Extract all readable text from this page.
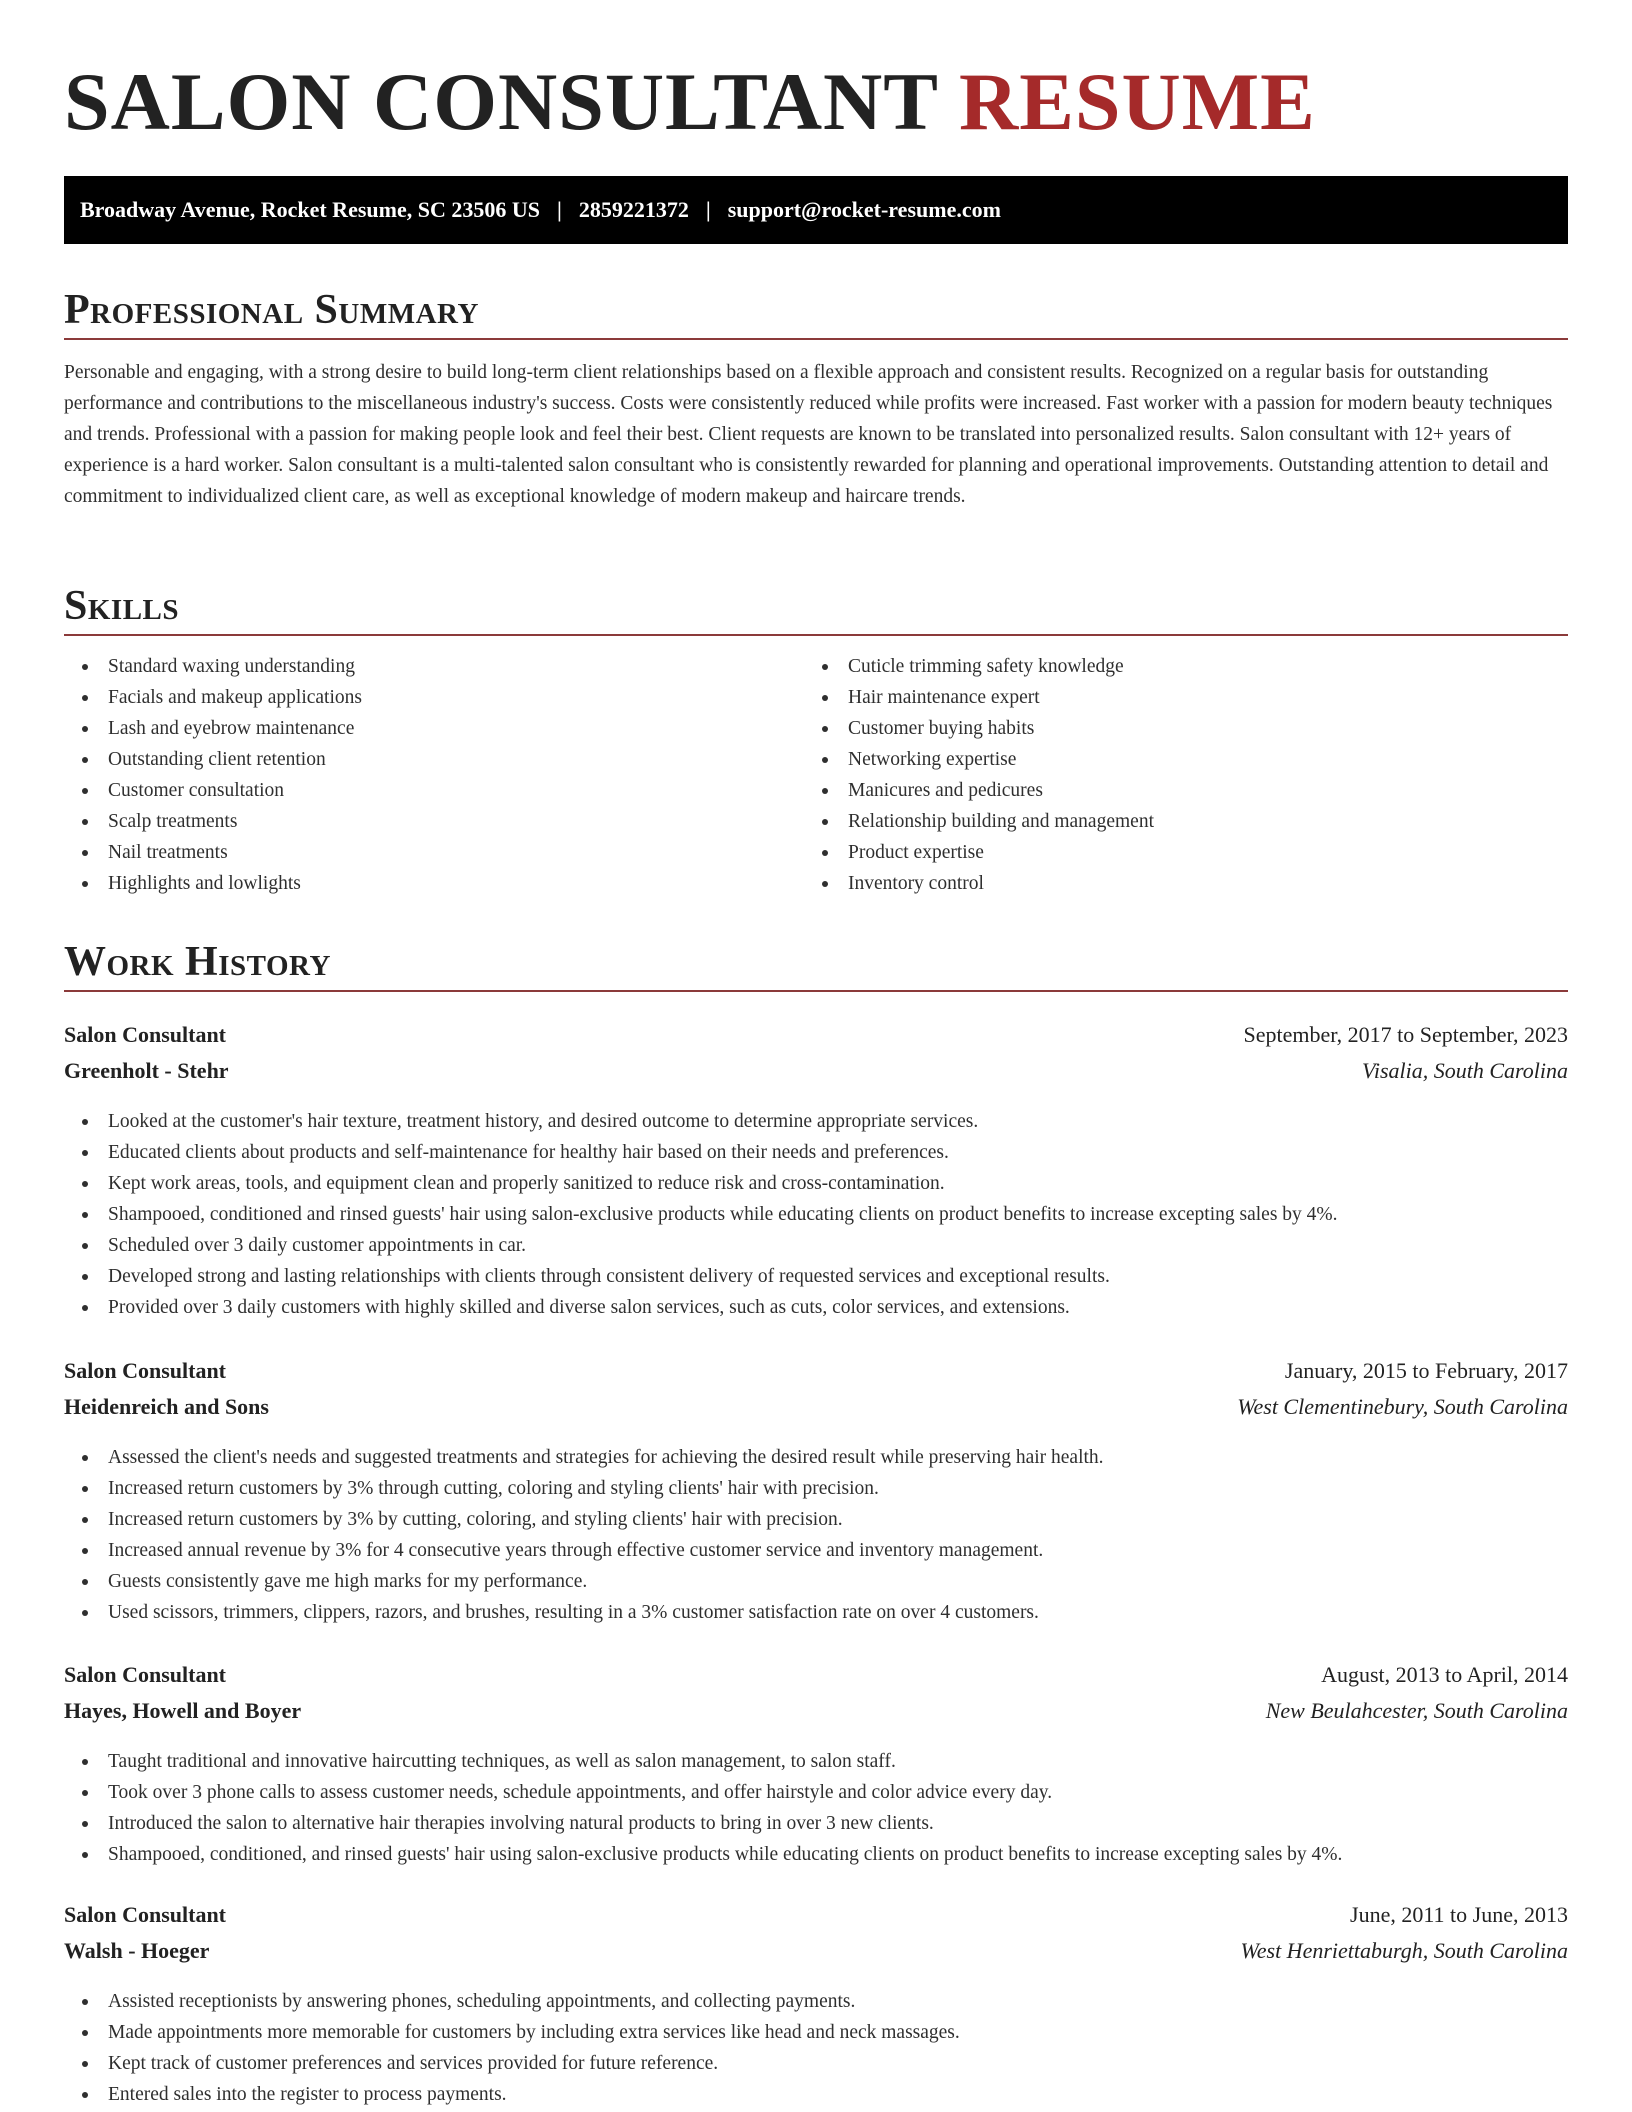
SALON CONSULTANT RESUME
Broadway Avenue, Rocket Resume, SC 23506 US | 2859221372 | support@rocket-resume.com
Professional Summary

Personable and engaging, with a strong desire to build long-term client relationships based on a flexible approach and consistent results. Recognized on a regular basis for outstanding performance and contributions to the miscellaneous industry's success. Costs were consistently reduced while profits were increased. Fast worker with a passion for modern beauty techniques and trends. Professional with a passion for making people look and feel their best. Client requests are known to be translated into personalized results. Salon consultant with 12+ years of experience is a hard worker. Salon consultant is a multi-talented salon consultant who is consistently rewarded for planning and operational improvements. Outstanding attention to detail and commitment to individualized client care, as well as exceptional knowledge of modern makeup and haircare trends.

Skills
Standard waxing understanding
Facials and makeup applications
Lash and eyebrow maintenance
Outstanding client retention
Customer consultation
Scalp treatments
Nail treatments
Highlights and lowlights
Cuticle trimming safety knowledge
Hair maintenance expert
Customer buying habits
Networking expertise
Manicures and pedicures
Relationship building and management
Product expertise
Inventory control
Work History
Salon Consultant	September, 2017 to September, 2023
Greenholt - Stehr	Visalia, South Carolina
Looked at the customer's hair texture, treatment history, and desired outcome to determine appropriate services.
Educated clients about products and self-maintenance for healthy hair based on their needs and preferences.
Kept work areas, tools, and equipment clean and properly sanitized to reduce risk and cross-contamination.
Shampooed, conditioned and rinsed guests' hair using salon-exclusive products while educating clients on product benefits to increase excepting sales by 4%.
Scheduled over 3 daily customer appointments in car.
Developed strong and lasting relationships with clients through consistent delivery of requested services and exceptional results.
Provided over 3 daily customers with highly skilled and diverse salon services, such as cuts, color services, and extensions.
Salon Consultant	January, 2015 to February, 2017
Heidenreich and Sons	West Clementinebury, South Carolina
Assessed the client's needs and suggested treatments and strategies for achieving the desired result while preserving hair health.
Increased return customers by 3% through cutting, coloring and styling clients' hair with precision.
Increased return customers by 3% by cutting, coloring, and styling clients' hair with precision.
Increased annual revenue by 3% for 4 consecutive years through effective customer service and inventory management.
Guests consistently gave me high marks for my performance.
Used scissors, trimmers, clippers, razors, and brushes, resulting in a 3% customer satisfaction rate on over 4 customers.
Salon Consultant	August, 2013 to April, 2014
Hayes, Howell and Boyer	New Beulahcester, South Carolina
Taught traditional and innovative haircutting techniques, as well as salon management, to salon staff.
Took over 3 phone calls to assess customer needs, schedule appointments, and offer hairstyle and color advice every day.
Introduced the salon to alternative hair therapies involving natural products to bring in over 3 new clients.
Shampooed, conditioned, and rinsed guests' hair using salon-exclusive products while educating clients on product benefits to increase excepting sales by 4%.
Salon Consultant	June, 2011 to June, 2013
Walsh - Hoeger	West Henriettaburgh, South Carolina
Assisted receptionists by answering phones, scheduling appointments, and collecting payments.
Made appointments more memorable for customers by including extra services like head and neck massages.
Kept track of customer preferences and services provided for future reference.
Entered sales into the register to process payments.
